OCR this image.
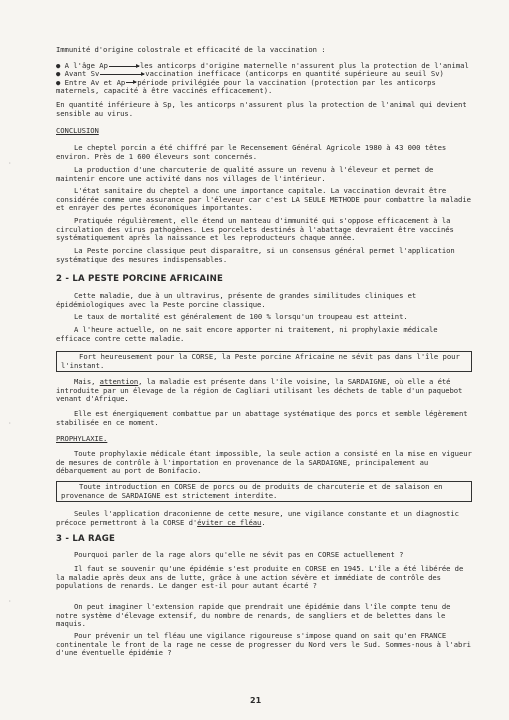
Immunité d'origine colostrale et efficacité de la vaccination :
● A l'âge Ap	les anticorps d'origine maternelle n'assurent plus la protection de l'animal
● Avant Sv	vaccination inefficace (anticorps en quantité supérieure au seuil Sv)
● Entre Av et Ap période privilégiée pour la vaccination (protection par les anticorps maternels, capacité à être vaccinés efficacement).
En quantité inférieure à Sp, les anticorps n'assurent plus la protection de l'animal qui devient sensible au virus.
CONCLUSION
Le cheptel porcin a été chiffré par le Recensement Général Agricole 1980 à 43 000 têtes environ. Près de 1 600 éleveurs sont concernés.
La production d'une charcuterie de qualité assure un revenu à l'éleveur et permet de maintenir encore une activité dans nos villages de l'intérieur.
L'état sanitaire du cheptel a donc une importance capitale. La vaccination devrait être considérée comme une assurance par l'éleveur car c'est LA SEULE METHODE pour combattre la maladie et enrayer des pertes économiques importantes.
Pratiquée régulièrement, elle étend un manteau d'immunité qui s'oppose efficacement à la circulation des virus pathogènes. Les porcelets destinés à l'abattage devraient être vaccinés systématiquement après la naissance et les reproducteurs chaque année.
La Peste porcine classique peut disparaître, si un consensus général permet l'application systématique des mesures indispensables.
2 - LA PESTE PORCINE AFRICAINE
Cette maladie, due à un ultravirus, présente de grandes similitudes cliniques et épidémiologiques avec la Peste porcine classique.
Le taux de mortalité est généralement de 100 % lorsqu'un troupeau est atteint.
A l'heure actuelle, on ne sait encore apporter ni traitement, ni prophylaxie médicale efficace contre cette maladie.
Fort heureusement pour la CORSE, la Peste porcine Africaine ne sévit pas dans l'île pour l'instant.
Mais, attention, la maladie est présente dans l'île voisine, la SARDAIGNE, où elle a été introduite par un élevage de la région de Cagliari utilisant les déchets de table d'un paquebot venant d'Afrique.
Elle est énergiquement combattue par un abattage systématique des porcs et semble légèrement stabilisée en ce moment.
PROPHYLAXIE.
Toute prophylaxie médicale étant impossible, la seule action a consisté en la mise en vigueur de mesures de contrôle à l'importation en provenance de la SARDAIGNE, principalement au débarquement au port de Bonifacio.
Toute introduction en CORSE de porcs ou de produits de charcuterie et de salaison en provenance de SARDAIGNE est strictement interdite.
Seules l'application draconienne de cette mesure, une vigilance constante et un diagnostic précoce permettront à la CORSE d'éviter ce fléau.
3 - LA RAGE
Pourquoi parler de la rage alors qu'elle ne sévit pas en CORSE actuellement ?
Il faut se souvenir qu'une épidémie s'est produite en CORSE en 1945. L'île a été libérée de la maladie après deux ans de lutte, grâce à une action sévère et immédiate de contrôle des populations de renards. Le danger est-il pour autant écarté ?
On peut imaginer l'extension rapide que prendrait une épidémie dans l'île compte tenu de notre système d'élevage extensif, du nombre de renards, de sangliers et de belettes dans le maquis.
Pour prévenir un tel fléau une vigilance rigoureuse s'impose quand on sait qu'en FRANCE continentale le front de la rage ne cesse de progresser du Nord vers le Sud. Sommes-nous à l'abri d'une éventuelle épidémie ?
21
·
·
·
